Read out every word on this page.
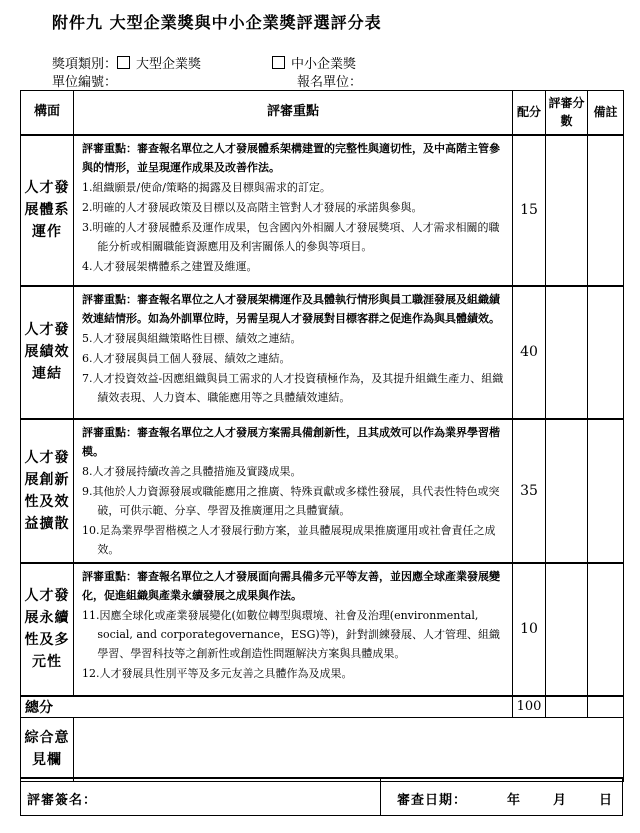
附件九 大型企業獎與中小企業獎評選評分表
獎項類別： 大型企業獎	中小企業獎
單位編號：	報名單位：
構面	評審重點	配分	評審分數	備註
人才發展體系運作	評審重點：審查報名單位之人才發展體系架構建置的完整性與適切性，及中高階主管參與的情形，並呈現運作成果及改善作法。
1.組織願景/使命/策略的揭露及目標與需求的訂定。
2.明確的人才發展政策及目標以及高階主管對人才發展的承諾與參與。
3.明確的人才發展體系及運作成果，包含國內外相關人才發展獎項、人才需求相關的職能分析或相關職能資源應用及利害關係人的參與等項目。
4.人才發展架構體系之建置及維運。	15		
人才發展績效連結	評審重點：審查報名單位之人才發展架構運作及具體執行情形與員工職涯發展及組織績效連結情形。如為外訓單位時，另需呈現人才發展對目標客群之促進作為與具體績效。
5.人才發展與組織策略性目標、績效之連結。
6.人才發展與員工個人發展、績效之連結。
7.人才投資效益-因應組織與員工需求的人才投資積極作為，及其提升組織生產力、組織績效表現、人力資本、職能應用等之具體績效連結。	40		
人才發展創新性及效益擴散	評審重點：審查報名單位之人才發展方案需具備創新性，且其成效可以作為業界學習楷模。
8.人才發展持續改善之具體措施及實踐成果。
9.其他於人力資源發展或職能應用之推廣、特殊貢獻或多樣性發展，具代表性特色或突破，可供示範、分享、學習及推廣運用之具體實績。
10.足為業界學習楷模之人才發展行動方案，並具體展現成果推廣運用或社會責任之成效。	35		
人才發展永續性及多元性	評審重點：審查報名單位之人才發展面向需具備多元平等友善，並因應全球產業發展變化，促進組織與產業永續發展之成果與作法。
11.因應全球化或產業發展變化(如數位轉型與環境、社會及治理(environmental, social, and corporategovernance，ESG)等)，針對訓練發展、人才管理、組織學習、學習科技等之創新性或創造性問題解決方案與具體成果。
12.人才發展具性別平等及多元友善之具體作為及成果。	10		
總分		100		
綜合意見欄				
評審簽名：	審查日期：	年	月	日
